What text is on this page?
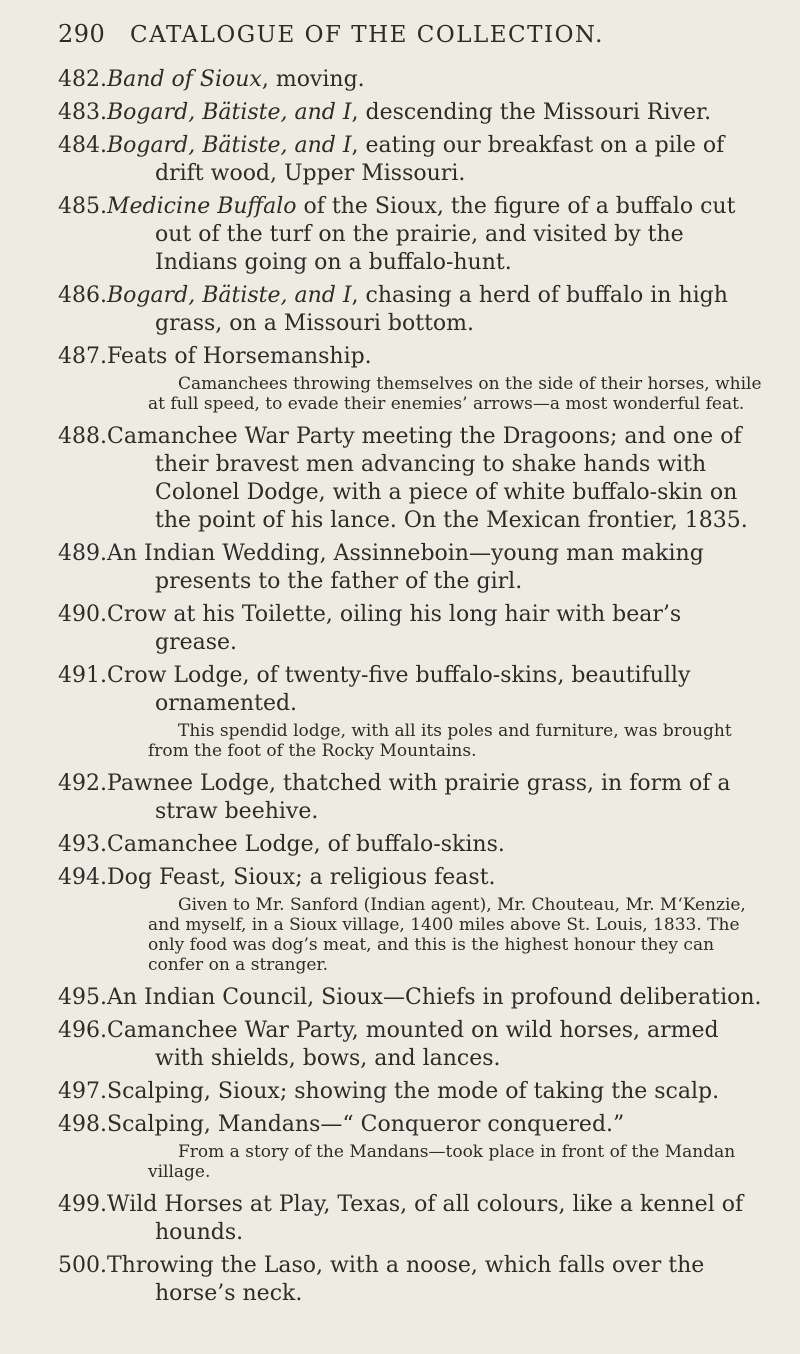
290	CATALOGUE OF THE COLLECTION.
482 . Band of Sioux, moving.
483 . Bogard, Bätiste, and I, descending the Missouri River.
484 . Bogard, Bätiste, and I, eating our breakfast on a pile of drift wood, Upper Missouri.
485 . Medicine Buffalo of the Sioux, the figure of a buffalo cut out of the turf on the prairie, and visited by the Indians going on a buffalo-hunt.
486 . Bogard, Bätiste, and I, chasing a herd of buffalo in high grass, on a Missouri bottom.
487 . Feats of Horsemanship.
Camanchees throwing themselves on the side of their horses, while at full speed, to evade their enemies’ arrows—a most wonderful feat.
488 . Camanchee War Party meeting the Dragoons; and one of their bravest men advancing to shake hands with Colonel Dodge, with a piece of white buffalo-skin on the point of his lance. On the Mexican frontier, 1835.
489 . An Indian Wedding, Assinneboin—young man making presents to the father of the girl.
490 . Crow at his Toilette, oiling his long hair with bear’s grease.
491 . Crow Lodge, of twenty-five buffalo-skins, beautifully ornamented.
This spendid lodge, with all its poles and furniture, was brought from the foot of the Rocky Mountains.
492 . Pawnee Lodge, thatched with prairie grass, in form of a straw beehive.
493 . Camanchee Lodge, of buffalo-skins.
494 . Dog Feast, Sioux; a religious feast.
Given to Mr. Sanford (Indian agent), Mr. Chouteau, Mr. M‘Kenzie, and myself, in a Sioux village, 1400 miles above St. Louis, 1833. The only food was dog’s meat, and this is the highest honour they can confer on a stranger.
495 . An Indian Council, Sioux—Chiefs in profound deliberation.
496 . Camanchee War Party, mounted on wild horses, armed with shields, bows, and lances.
497 . Scalping, Sioux; showing the mode of taking the scalp.
498 . Scalping, Mandans—“ Conqueror conquered.”
From a story of the Mandans—took place in front of the Mandan village.
499 . Wild Horses at Play, Texas, of all colours, like a kennel of hounds.
500 . Throwing the Laso, with a noose, which falls over the horse’s neck.
